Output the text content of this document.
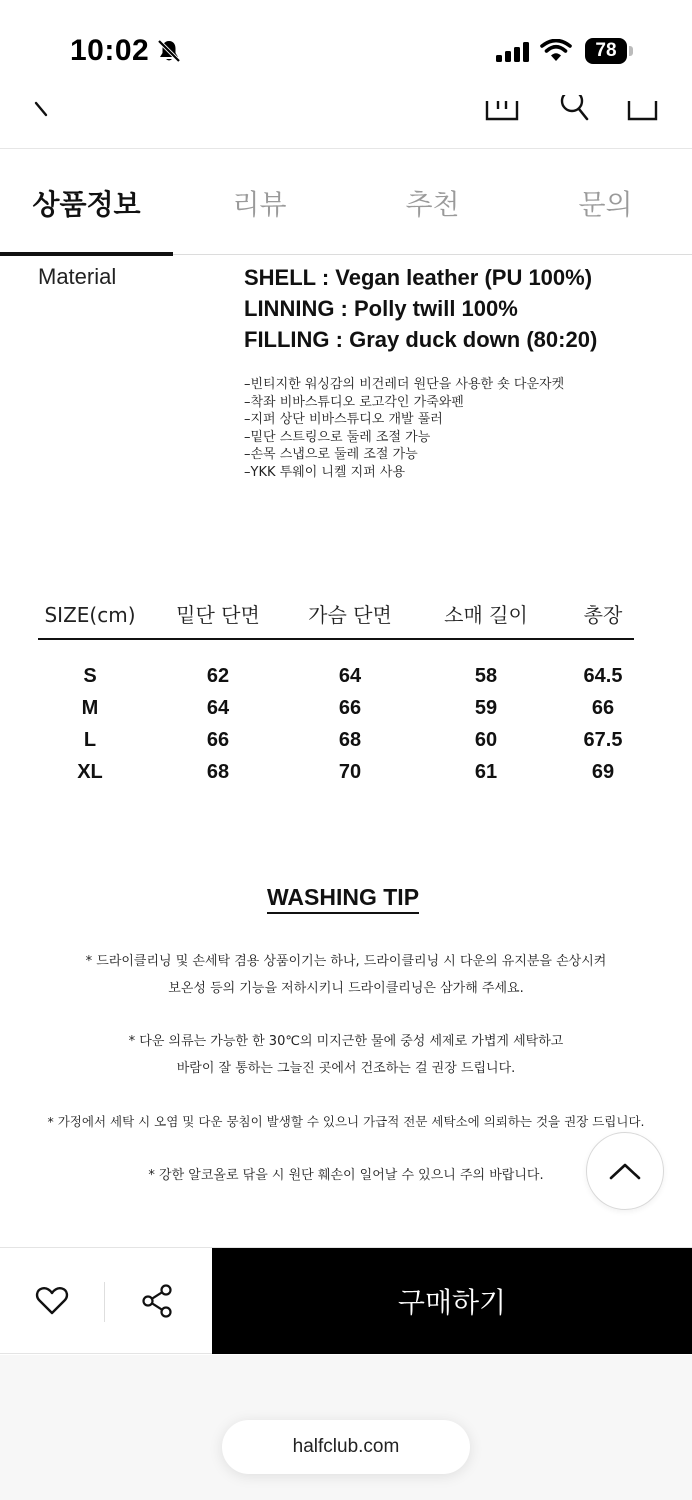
10:02	78
상품정보	리뷰	추천	문의
Material	SHELL : Vegan leather (PU 100%)
LINNING : Polly twill 100%
FILLING : Gray duck down (80:20)
–빈티지한 워싱감의 비건레더 원단을 사용한 숏 다운자켓
–착좌 비바스튜디오 로고각인 가죽와펜
–지퍼 상단 비바스튜디오 개발 풀러
–밑단 스트링으로 둘레 조절 가능
–손목 스냅으로 둘레 조절 가능
–YKK 투웨이 니켈 지퍼 사용
SIZE(cm)	밑단 단면	가슴 단면	소매 길이	총장
S	62	64	58	64.5
M	64	66	59	66
L	66	68	60	67.5
XL	68	70	61	69
WASHING TIP
* 드라이클리닝 및 손세탁 겸용 상품이기는 하나, 드라이클리닝 시 다운의 유지분을 손상시켜
보온성 등의 기능을 저하시키니 드라이클리닝은 삼가해 주세요.
* 다운 의류는 가능한 한 30℃의 미지근한 물에 중성 세제로 가볍게 세탁하고
바람이 잘 통하는 그늘진 곳에서 건조하는 걸 권장 드립니다.
* 가정에서 세탁 시 오염 및 다운 뭉침이 발생할 수 있으니 가급적 전문 세탁소에 의뢰하는 것을 권장 드립니다.
* 강한 알코올로 닦을 시 원단 훼손이 일어날 수 있으니 주의 바랍니다.
구매하기
halfclub.com
